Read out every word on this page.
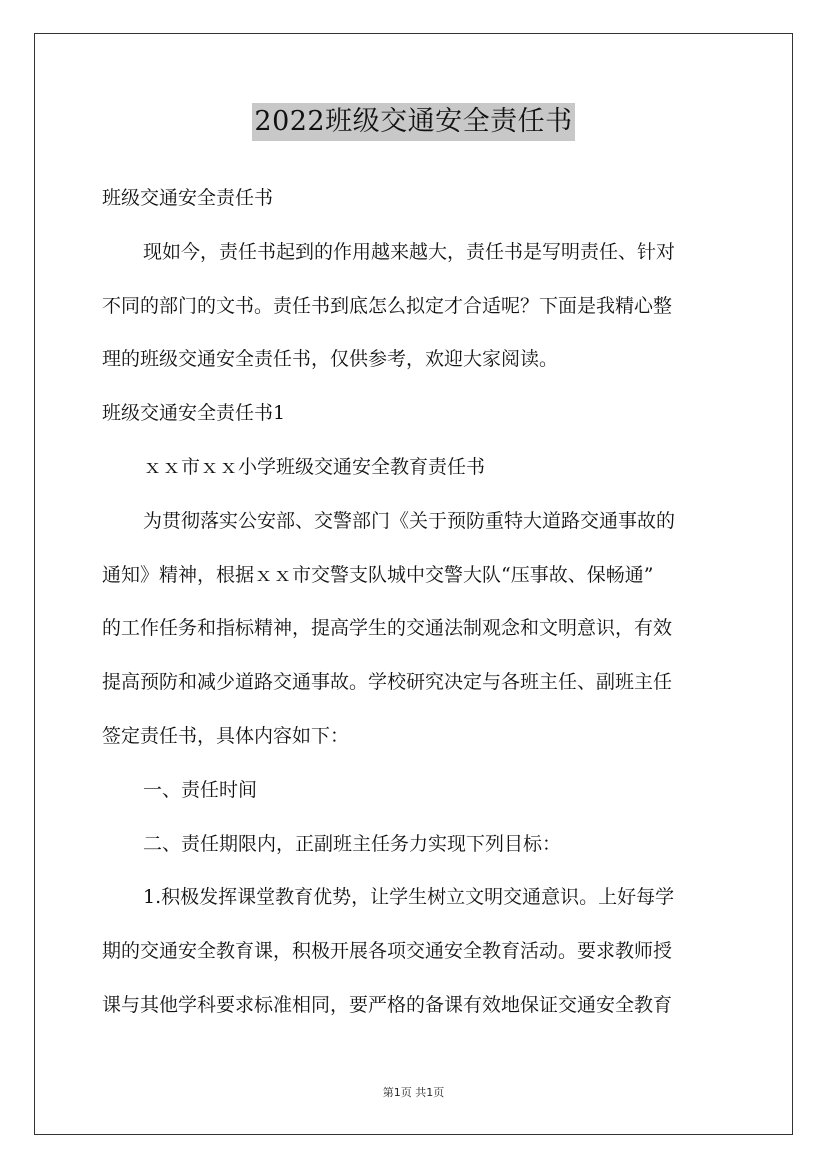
2022班级交通安全责任书

班级交通安全责任书

现如今，责任书起到的作用越来越大，责任书是写明责任、针对

不同的部门的文书。责任书到底怎么拟定才合适呢？下面是我精心整

理的班级交通安全责任书，仅供参考，欢迎大家阅读。

班级交通安全责任书1

ｘｘ市ｘｘ小学班级交通安全教育责任书

为贯彻落实公安部、交警部门《关于预防重特大道路交通事故的

通知》精神，根据ｘｘ市交警支队城中交警大队“压事故、保畅通”

的工作任务和指标精神，提高学生的交通法制观念和文明意识，有效

提高预防和减少道路交通事故。学校研究决定与各班主任、副班主任

签定责任书，具体内容如下：

一、责任时间

二、责任期限内，正副班主任务力实现下列目标：

1.积极发挥课堂教育优势，让学生树立文明交通意识。上好每学

期的交通安全教育课，积极开展各项交通安全教育活动。要求教师授

课与其他学科要求标准相同，要严格的备课有效地保证交通安全教育

第1页 共1页
